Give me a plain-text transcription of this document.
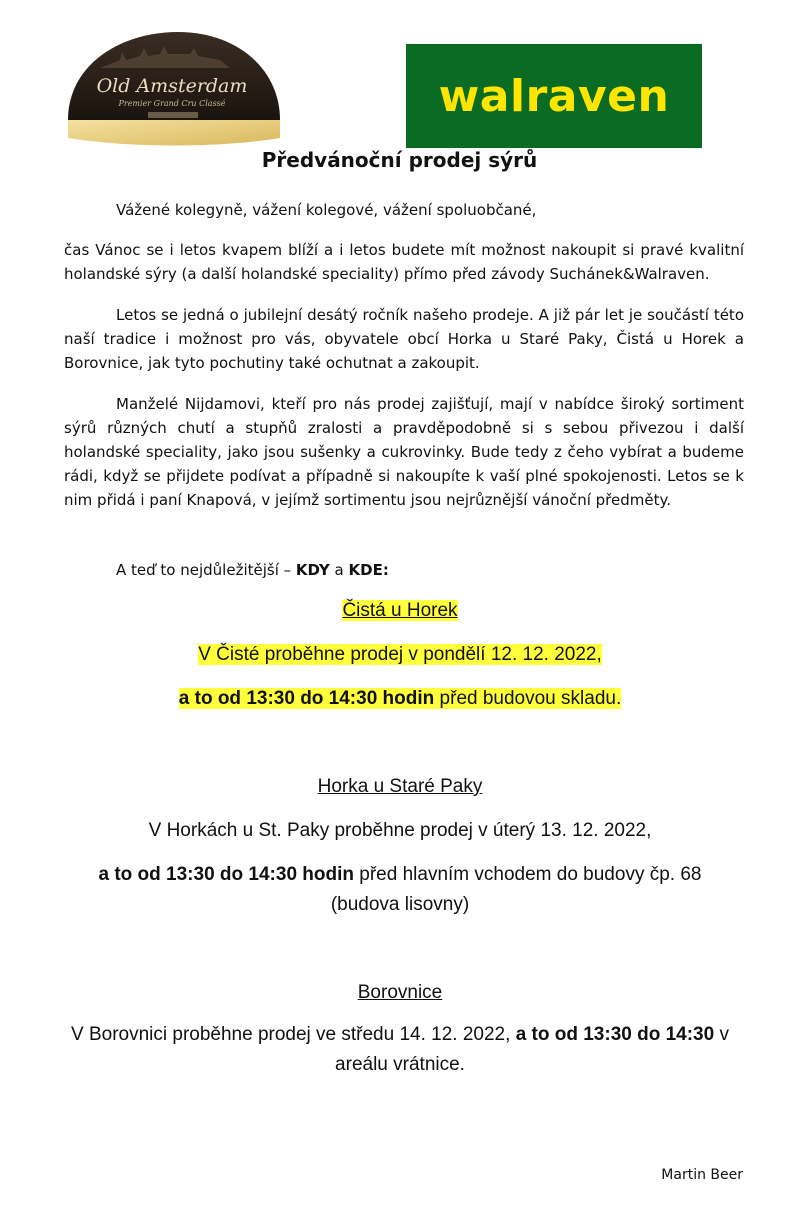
Old Amsterdam
Premier Grand Cru Classé	walraven
Předvánoční prodej sýrů

Vážené kolegyně, vážení kolegové, vážení spoluobčané,

čas Vánoc se i letos kvapem blíží a i letos budete mít možnost nakoupit si pravé kvalitní holandské sýry (a další holandské speciality) přímo před závody Suchánek&Walraven.

Letos se jedná o jubilejní desátý ročník našeho prodeje. A již pár let je součástí této naší tradice i možnost pro vás, obyvatele obcí Horka u Staré Paky, Čistá u Horek a Borovnice, jak tyto pochutiny také ochutnat a zakoupit.

Manželé Nijdamovi, kteří pro nás prodej zajišťují, mají v nabídce široký sortiment sýrů různých chutí a stupňů zralosti a pravděpodobně si s sebou přivezou i další holandské speciality, jako jsou sušenky a cukrovinky. Bude tedy z čeho vybírat a budeme rádi, když se přijdete podívat a případně si nakoupíte k vaší plné spokojenosti. Letos se k nim přidá i paní Knapová, v jejímž sortimentu jsou nejrůznější vánoční předměty.

A teď to nejdůležitější – KDY a KDE:

Čistá u Horek

V Čisté proběhne prodej v pondělí 12. 12. 2022,

a to od 13:30 do 14:30 hodin před budovou skladu.

Horka u Staré Paky

V Horkách u St. Paky proběhne prodej v úterý 13. 12. 2022,

a to od 13:30 do 14:30 hodin před hlavním vchodem do budovy čp. 68 (budova lisovny)

Borovnice

V Borovnici proběhne prodej ve středu 14. 12. 2022, a to od 13:30 do 14:30 v areálu vrátnice.

Martin Beer
